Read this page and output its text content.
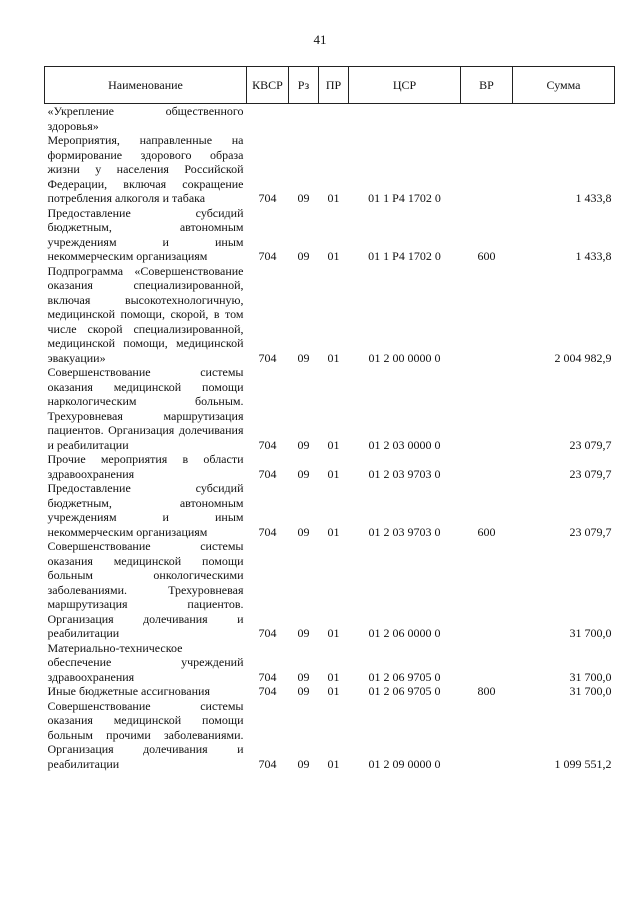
41
Наименование	КВСР	Рз	ПР	ЦСР	ВР	Сумма

«Укрепление общественного здоровья»						

Мероприятия, направленные на формирование здорового образа жизни у населения Российской Федерации, включая сокращение потребления алкоголя и табака	704	09	01	01 1 Р4 1702 0		1 433,8

Предоставление субсидий бюджетным, автономным учреждениям и иным некоммерческим организациям	704	09	01	01 1 Р4 1702 0	600	1 433,8

Подпрограмма «Совершенствование оказания специализированной, включая высокотехнологичную, медицинской помощи, скорой, в том числе скорой специализированной, медицинской помощи, медицинской эвакуации»	704	09	01	01 2 00 0000 0		2 004 982,9

Совершенствование системы оказания медицинской помощи наркологическим больным. Трехуровневая маршрутизация пациентов. Организация долечивания и реабилитации	704	09	01	01 2 03 0000 0		23 079,7

Прочие мероприятия в области здравоохранения	704	09	01	01 2 03 9703 0		23 079,7

Предоставление субсидий бюджетным, автономным учреждениям и иным некоммерческим организациям	704	09	01	01 2 03 9703 0	600	23 079,7

Совершенствование системы оказания медицинской помощи больным онкологическими заболеваниями. Трехуровневая маршрутизация пациентов. Организация долечивания и реабилитации	704	09	01	01 2 06 0000 0		31 700,0

Материально-техническое обеспечение учреждений здравоохранения	704	09	01	01 2 06 9705 0		31 700,0

Иные бюджетные ассигнования	704	09	01	01 2 06 9705 0	800	31 700,0

Совершенствование системы оказания медицинской помощи больным прочими заболеваниями. Организация долечивания и реабилитации	704	09	01	01 2 09 0000 0		1 099 551,2
